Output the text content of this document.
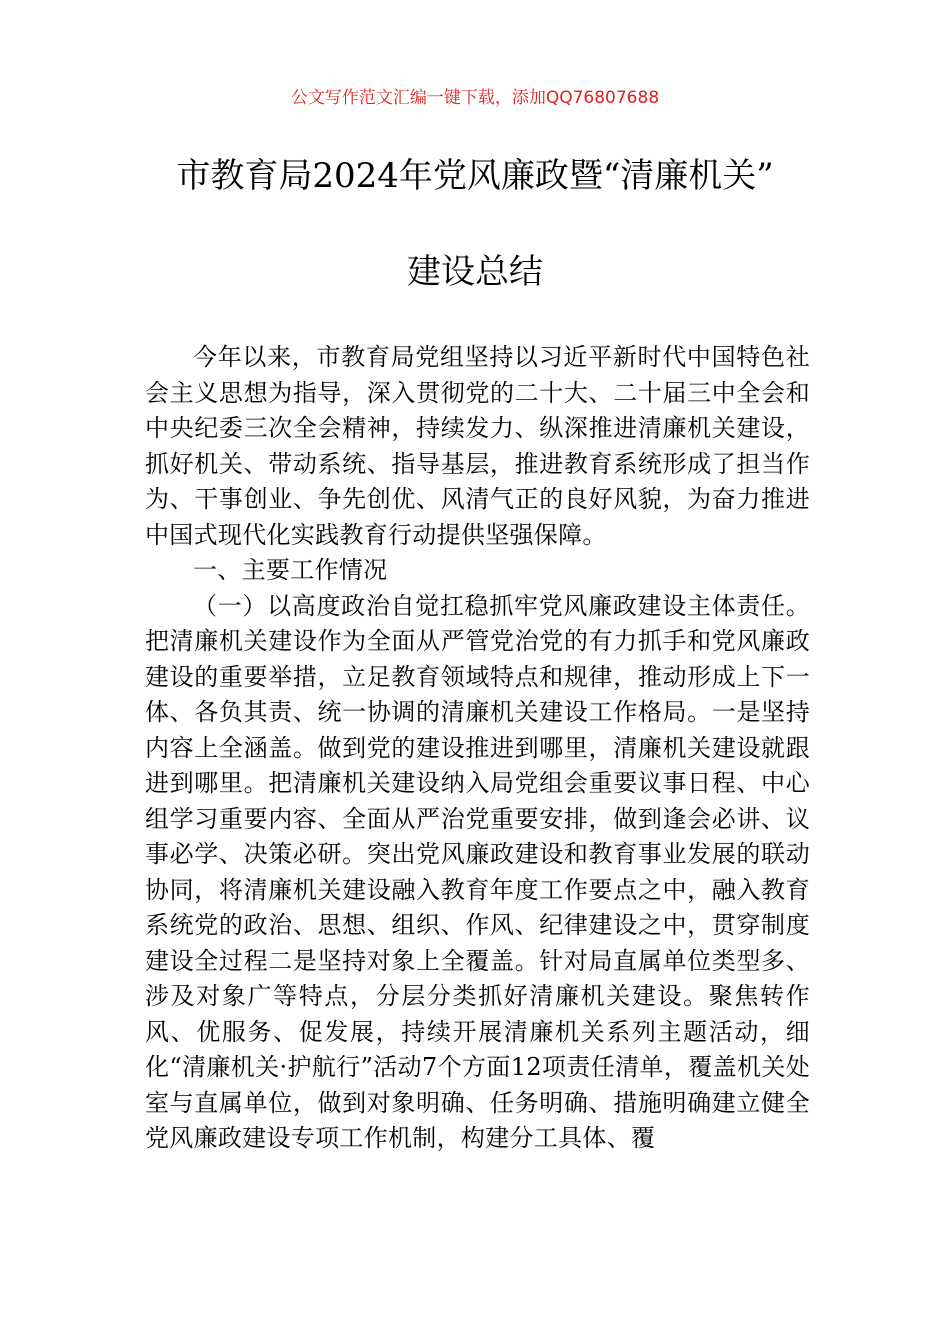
公文写作范文汇编一键下载，添加QQ76807688
市教育局2024年党风廉政暨“清廉机关”
建设总结

今年以来，市教育局党组坚持以习近平新时代中国特色社会主义思想为指导，深入贯彻党的二十大、二十届三中全会和中央纪委三次全会精神，持续发力、纵深推进清廉机关建设，抓好机关、带动系统、指导基层，推进教育系统形成了担当作为、干事创业、争先创优、风清气正的良好风貌，为奋力推进中国式现代化实践教育行动提供坚强保障。

一、主要工作情况

（一）以高度政治自觉扛稳抓牢党风廉政建设主体责任。把清廉机关建设作为全面从严管党治党的有力抓手和党风廉政建设的重要举措，立足教育领域特点和规律，推动形成上下一体、各负其责、统一协调的清廉机关建设工作格局。一是坚持内容上全涵盖。做到党的建设推进到哪里，清廉机关建设就跟进到哪里。把清廉机关建设纳入局党组会重要议事日程、中心组学习重要内容、全面从严治党重要安排，做到逢会必讲、议事必学、决策必研。突出党风廉政建设和教育事业发展的联动协同，将清廉机关建设融入教育年度工作要点之中，融入教育系统党的政治、思想、组织、作风、纪律建设之中，贯穿制度建设全过程二是坚持对象上全覆盖。针对局直属单位类型多、涉及对象广等特点，分层分类抓好清廉机关建设。聚焦转作风、优服务、促发展，持续开展清廉机关系列主题活动，细化“清廉机关·护航行”活动7个方面12项责任清单，覆盖机关处室与直属单位，做到对象明确、任务明确、措施明确建立健全党风廉政建设专项工作机制，构建分工具体、覆
